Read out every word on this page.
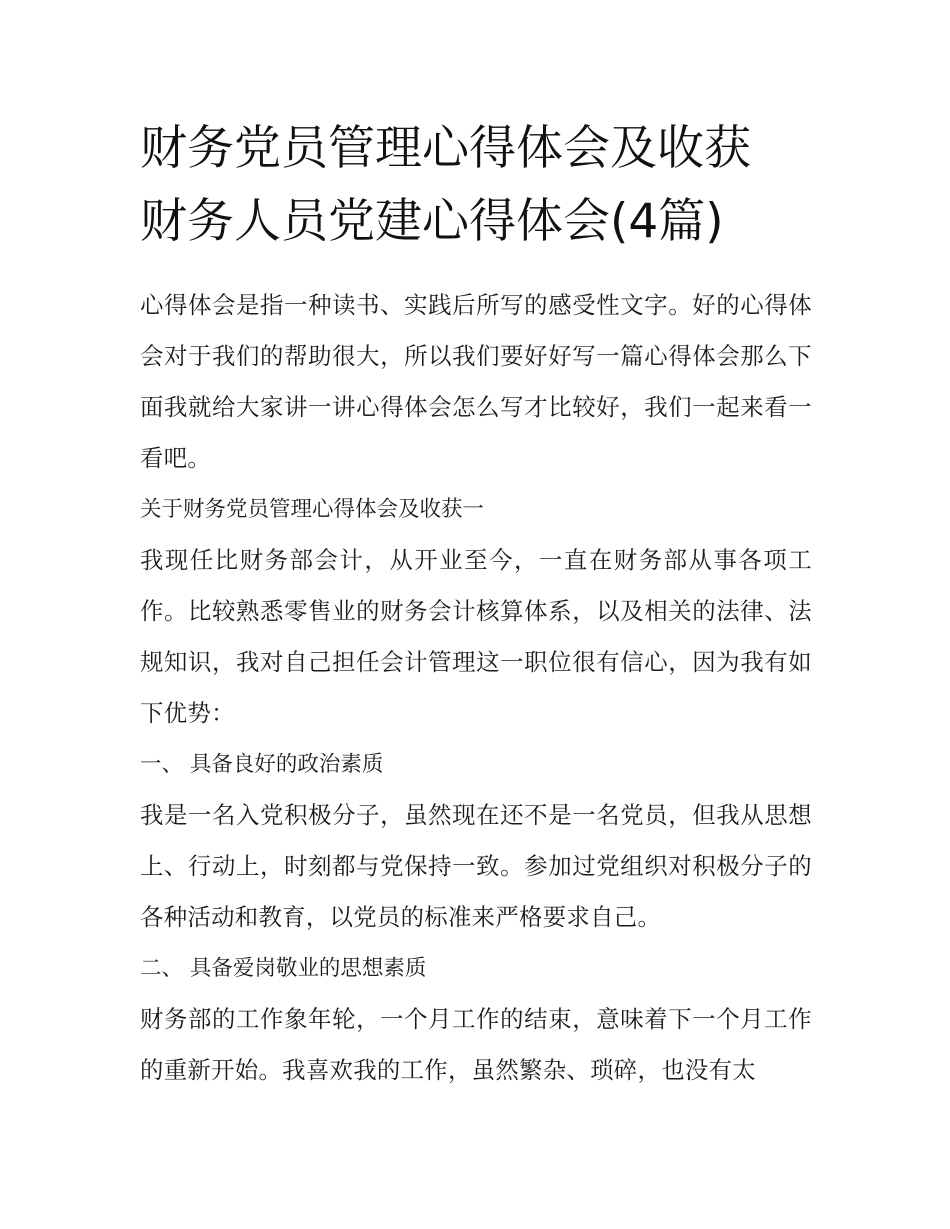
财务党员管理心得体会及收获
财务人员党建心得体会(4篇)

心得体会是指一种读书、实践后所写的感受性文字。好的心得体会对于我们的帮助很大，所以我们要好好写一篇心得体会那么下面我就给大家讲一讲心得体会怎么写才比较好，我们一起来看一看吧。

关于财务党员管理心得体会及收获一

我现任比财务部会计，从开业至今，一直在财务部从事各项工作。比较熟悉零售业的财务会计核算体系，以及相关的法律、法规知识，我对自己担任会计管理这一职位很有信心，因为我有如下优势：

一、 具备良好的政治素质

我是一名入党积极分子，虽然现在还不是一名党员，但我从思想上、行动上，时刻都与党保持一致。参加过党组织对积极分子的各种活动和教育，以党员的标准来严格要求自己。

二、 具备爱岗敬业的思想素质

财务部的工作象年轮，一个月工作的结束，意味着下一个月工作的重新开始。我喜欢我的工作，虽然繁杂、琐碎，也没有太
